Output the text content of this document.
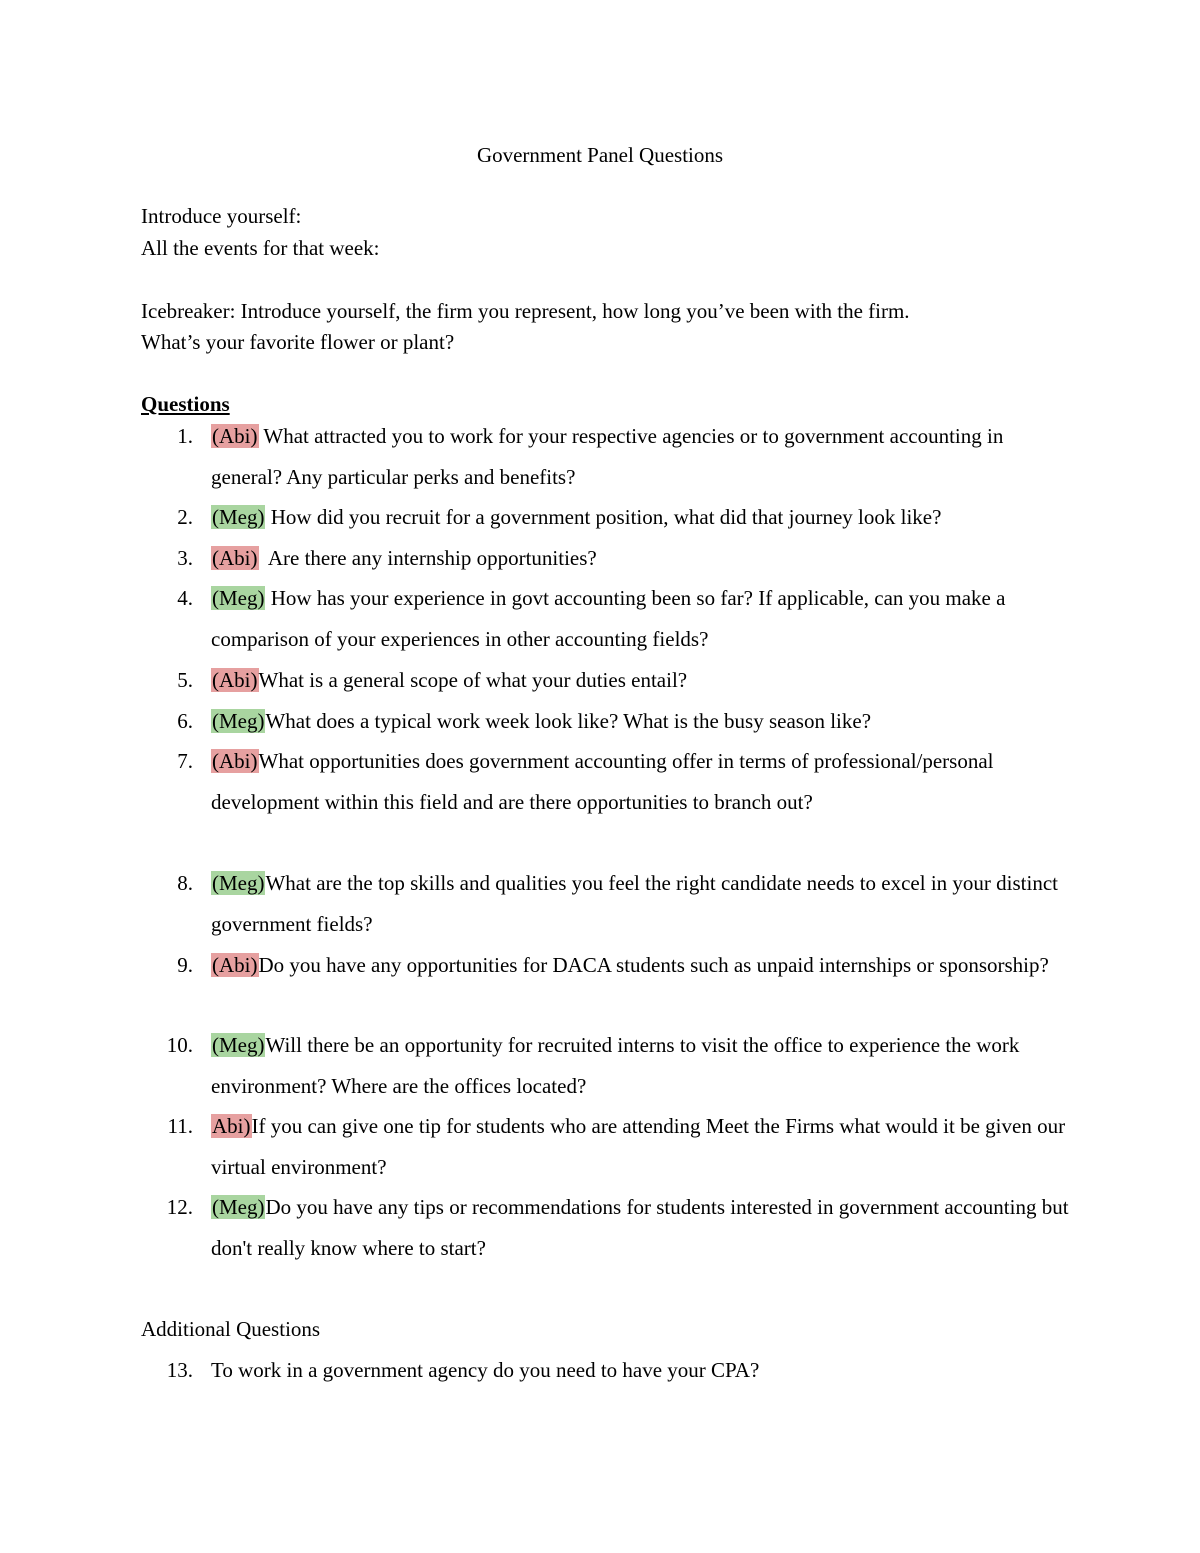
Government Panel Questions
Introduce yourself:
All the events for that week:
Icebreaker: Introduce yourself, the firm you represent, how long you’ve been with the firm.
What’s your favorite flower or plant?
Questions
1. (Abi) What attracted you to work for your respective agencies or to government accounting in general? Any particular perks and benefits?
2. (Meg) How did you recruit for a government position, what did that journey look like?
3. (Abi)  Are there any internship opportunities?
4. (Meg) How has your experience in govt accounting been so far? If applicable, can you make a comparison of your experiences in other accounting fields?
5. (Abi)What is a general scope of what your duties entail?
6. (Meg)What does a typical work week look like? What is the busy season like?
7. (Abi)What opportunities does government accounting offer in terms of professional/personal development within this field and are there opportunities to branch out?
8. (Meg)What are the top skills and qualities you feel the right candidate needs to excel in your distinct government fields?
9. (Abi)Do you have any opportunities for DACA students such as unpaid internships or sponsorship?
10. (Meg)Will there be an opportunity for recruited interns to visit the office to experience the work environment? Where are the offices located?
11. Abi)If you can give one tip for students who are attending Meet the Firms what would it be given our virtual environment?
12. (Meg)Do you have any tips or recommendations for students interested in government accounting but don't really know where to start?
Additional Questions
13. To work in a government agency do you need to have your CPA?
